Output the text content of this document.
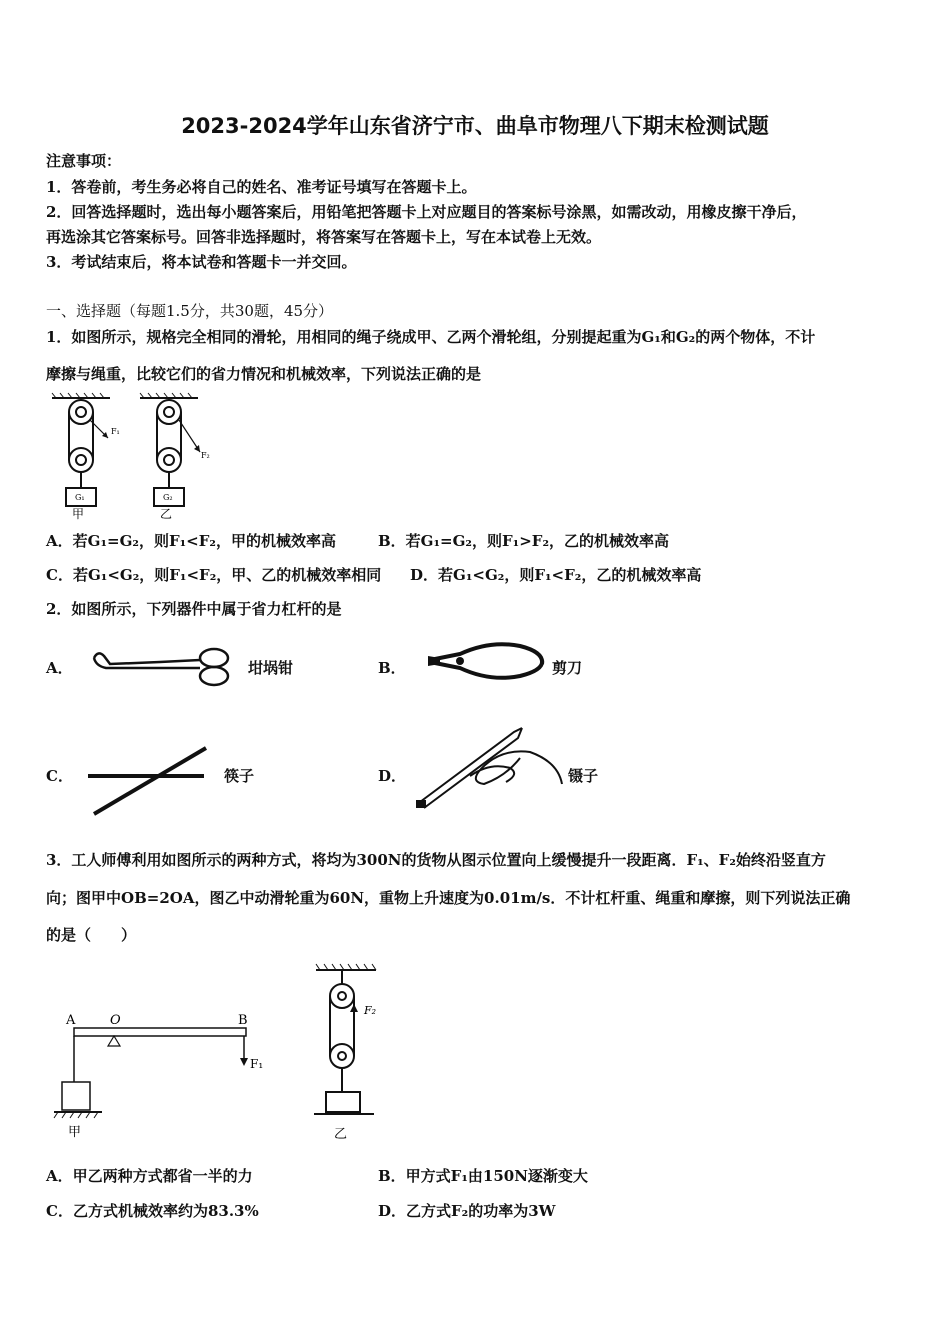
2023-2024学年山东省济宁市、曲阜市物理八下期末检测试题
注意事项：
1．答卷前，考生务必将自己的姓名、准考证号填写在答题卡上。
2．回答选择题时，选出每小题答案后，用铅笔把答题卡上对应题目的答案标号涂黑，如需改动，用橡皮擦干净后，
再选涂其它答案标号。回答非选择题时，将答案写在答题卡上，写在本试卷上无效。
3．考试结束后，将本试卷和答题卡一并交回。
一、选择题（每题1.5分，共30题，45分）
1．如图所示，规格完全相同的滑轮，用相同的绳子绕成甲、乙两个滑轮组，分别提起重为G₁和G₂的两个物体，不计
摩擦与绳重，比较它们的省力情况和机械效率，下列说法正确的是
F₁
G₁
甲
F₂
G₂
乙
A．若G₁=G₂，则F₁<F₂，甲的机械效率高	B．若G₁=G₂，则F₁>F₂，乙的机械效率高
C．若G₁<G₂，则F₁<F₂，甲、乙的机械效率相同 D．若G₁<G₂，则F₁<F₂，乙的机械效率高
2．如图所示，下列器件中属于省力杠杆的是
A．	坩埚钳	B．	剪刀
C．	筷子	D．	镊子
3．工人师傅利用如图所示的两种方式，将均为300N的货物从图示位置向上缓慢提升一段距离．F₁、F₂始终沿竖直方
向；图甲中OB=2OA，图乙中动滑轮重为60N，重物上升速度为0.01m/s．不计杠杆重、绳重和摩擦，则下列说法正确
的是（　　）
A	O	B
F₁
甲
F₂
乙
A．甲乙两种方式都省一半的力	B．甲方式F₁由150N逐渐变大
C．乙方式机械效率约为83.3%	D．乙方式F₂的功率为3W
